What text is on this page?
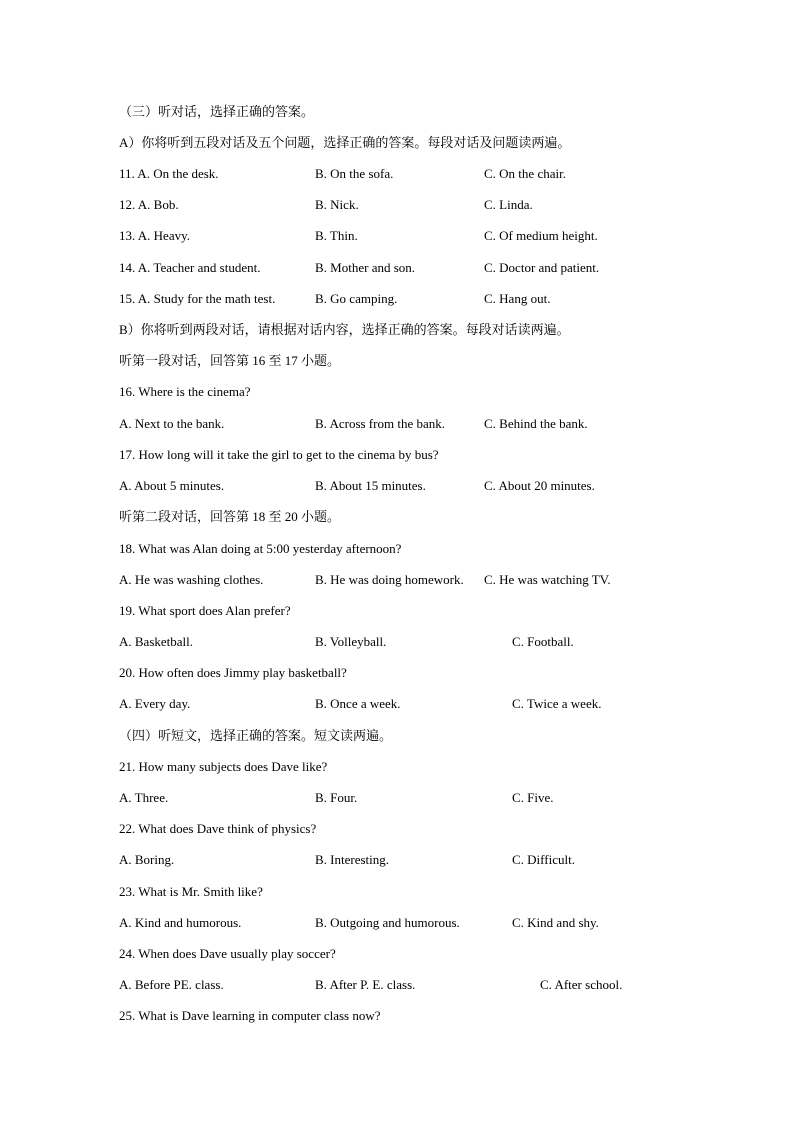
（三）听对话，选择正确的答案。
A）你将听到五段对话及五个问题，选择正确的答案。每段对话及问题读两遍。
11. A. On the desk.	B. On the sofa.	C. On the chair.
12. A. Bob.	B. Nick.	C. Linda.
13. A. Heavy.	B. Thin.	C. Of medium height.
14. A. Teacher and student.	B. Mother and son.	C. Doctor and patient.
15. A. Study for the math test.	B. Go camping.	C. Hang out.
B）你将听到两段对话，请根据对话内容，选择正确的答案。每段对话读两遍。
听第一段对话，回答第 16 至 17 小题。
16. Where is the cinema?
A. Next to the bank.	B. Across from the bank.	C. Behind the bank.
17. How long will it take the girl to get to the cinema by bus?
A. About 5 minutes.	B. About 15 minutes.	C. About 20 minutes.
听第二段对话，回答第 18 至 20 小题。
18. What was Alan doing at 5:00 yesterday afternoon?
A. He was washing clothes.	B. He was doing homework. C. He was watching TV.
19. What sport does Alan prefer?
A. Basketball.	B. Volleyball.	C. Football.
20. How often does Jimmy play basketball?
A. Every day.	B. Once a week.	C. Twice a week.
（四）听短文，选择正确的答案。短文读两遍。
21. How many subjects does Dave like?
A. Three.	B. Four.	C. Five.
22. What does Dave think of physics?
A. Boring.	B. Interesting.	C. Difficult.
23. What is Mr. Smith like?
A. Kind and humorous.	B. Outgoing and humorous.	C. Kind and shy.
24. When does Dave usually play soccer?
A. Before PE. class.	B. After P. E. class.	C. After school.
25. What is Dave learning in computer class now?
